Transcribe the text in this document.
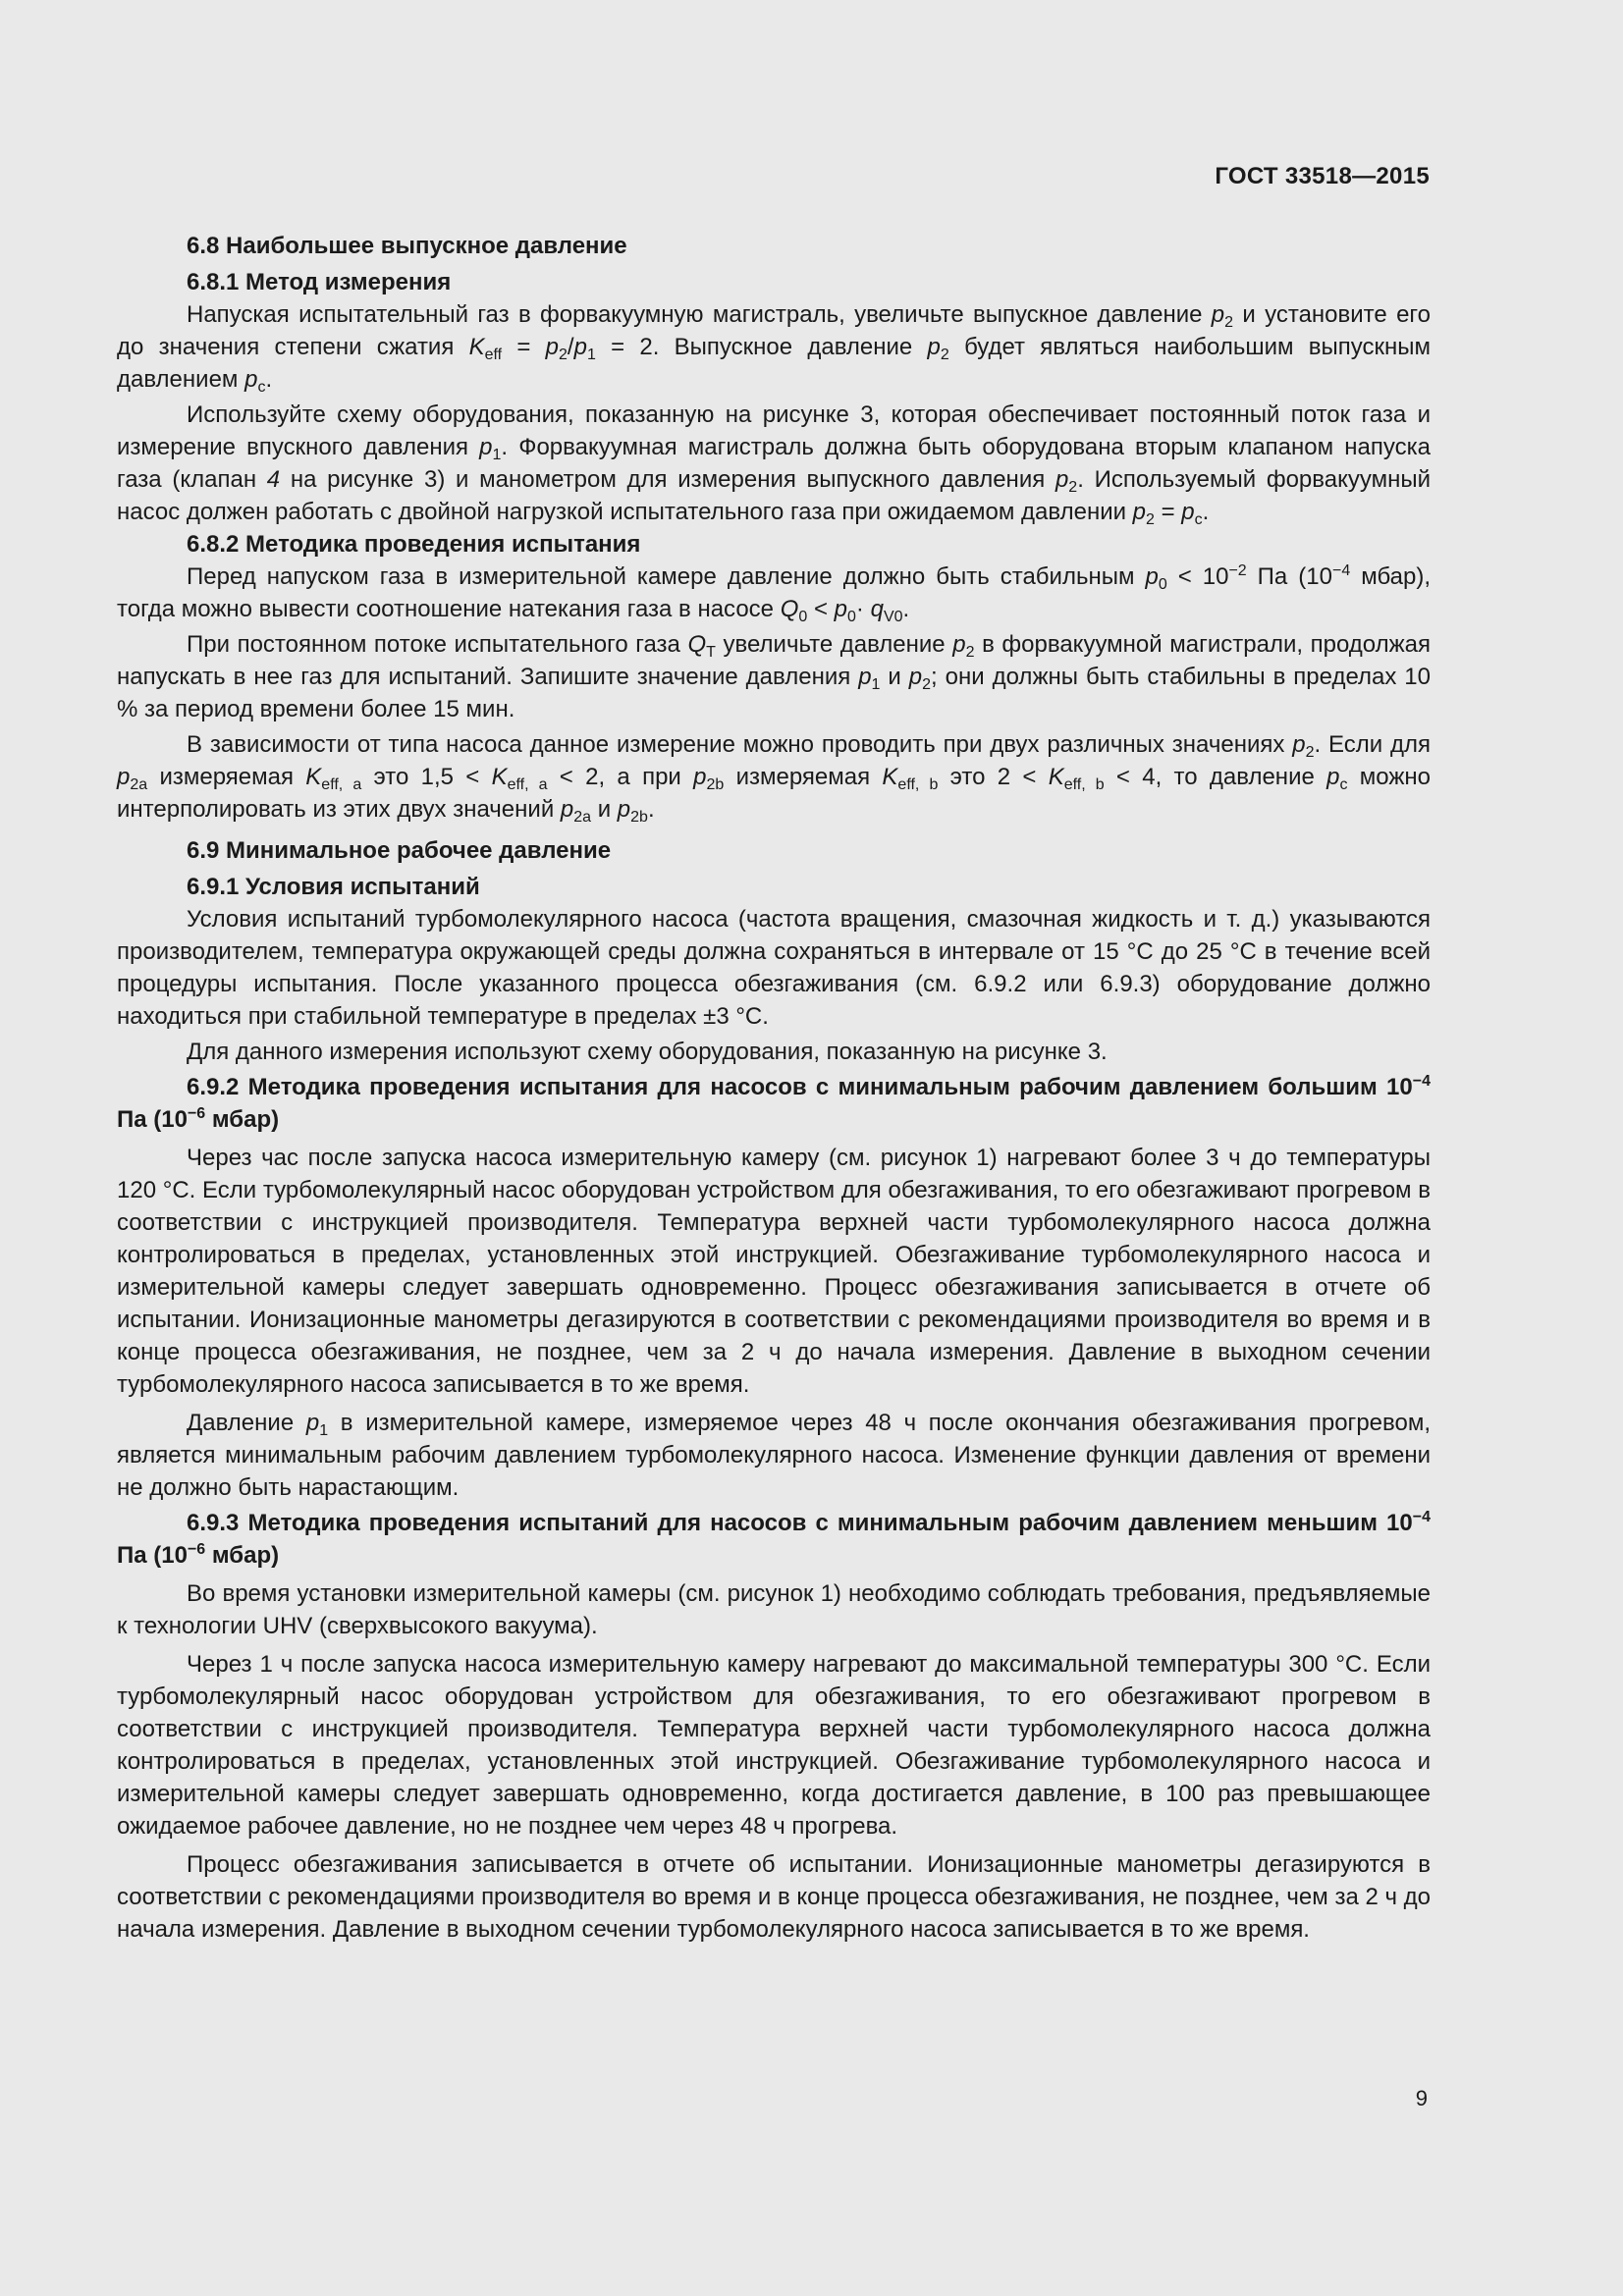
ГОСТ 33518—2015

6.8 Наибольшее выпускное давление

6.8.1 Метод измерения

Напуская испытательный газ в форвакуумную магистраль, увеличьте выпускное давление $p_2$ и установите его до значения степени сжатия $K_{eff} = p_2/p_1 = 2$. Выпускное давление $p_2$ будет являться наибольшим выпускным давлением $p_c$.

Используйте схему оборудования, показанную на рисунке 3, которая обеспечивает постоянный поток газа и измерение впускного давления $p_1$. Форвакуумная магистраль должна быть оборудована вторым клапаном напуска газа (клапан 4 на рисунке 3) и манометром для измерения выпускного давления $p_2$. Используемый форвакуумный насос должен работать с двойной нагрузкой испытательного газа при ожидаемом давлении $p_2 = p_c$.

6.8.2 Методика проведения испытания

Перед напуском газа в измерительной камере давление должно быть стабильным $p_0 < 10^{-2}$ Па ($10^{-4}$ мбар), тогда можно вывести соотношение натекания газа в насосе $Q_0 < p_0\cdot q_{V0}$.

При постоянном потоке испытательного газа $Q_T$ увеличьте давление $p_2$ в форвакуумной магистрали, продолжая напускать в нее газ для испытаний. Запишите значение давления $p_1$ и $p_2$; они должны быть стабильны в пределах 10 % за период времени более 15 мин.

В зависимости от типа насоса данное измерение можно проводить при двух различных значениях $p_2$. Если для $p_{2a}$ измеряемая $K_{eff, a}$ это $1,5 < K_{eff, a} < 2$, а при $p_{2b}$ измеряемая $K_{eff, b}$ это $2 < K_{eff, b} < 4$, то давление $p_c$ можно интерполировать из этих двух значений $p_{2a}$ и $p_{2b}$.

6.9 Минимальное рабочее давление

6.9.1 Условия испытаний

Условия испытаний турбомолекулярного насоса (частота вращения, смазочная жидкость и т. д.) указываются производителем, температура окружающей среды должна сохраняться в интервале от 15 °С до 25 °С в течение всей процедуры испытания. После указанного процесса обезгаживания (см. 6.9.2 или 6.9.3) оборудование должно находиться при стабильной температуре в пределах ±3 °С.

Для данного измерения используют схему оборудования, показанную на рисунке 3.

6.9.2 Методика проведения испытания для насосов с минимальным рабочим давлением большим $10^{-4}$ Па ($10^{-6}$ мбар)

Через час после запуска насоса измерительную камеру (см. рисунок 1) нагревают более 3 ч до температуры 120 °С. Если турбомолекулярный насос оборудован устройством для обезгаживания, то его обезгаживают прогревом в соответствии с инструкцией производителя. Температура верхней части турбомолекулярного насоса должна контролироваться в пределах, установленных этой инструкцией. Обезгаживание турбомолекулярного насоса и измерительной камеры следует завершать одновременно. Процесс обезгаживания записывается в отчете об испытании. Ионизационные манометры дегазируются в соответствии с рекомендациями производителя во время и в конце процесса обезгаживания, не позднее, чем за 2 ч до начала измерения. Давление в выходном сечении турбомолекулярного насоса записывается в то же время.

Давление $p_1$ в измерительной камере, измеряемое через 48 ч после окончания обезгаживания прогревом, является минимальным рабочим давлением турбомолекулярного насоса. Изменение функции давления от времени не должно быть нарастающим.

6.9.3 Методика проведения испытаний для насосов с минимальным рабочим давлением меньшим $10^{-4}$ Па ($10^{-6}$ мбар)

Во время установки измерительной камеры (см. рисунок 1) необходимо соблюдать требования, предъявляемые к технологии UHV (сверхвысокого вакуума).

Через 1 ч после запуска насоса измерительную камеру нагревают до максимальной температуры 300 °С. Если турбомолекулярный насос оборудован устройством для обезгаживания, то его обезгаживают прогревом в соответствии с инструкцией производителя. Температура верхней части турбомолекулярного насоса должна контролироваться в пределах, установленных этой инструкцией. Обезгаживание турбомолекулярного насоса и измерительной камеры следует завершать одновременно, когда достигается давление, в 100 раз превышающее ожидаемое рабочее давление, но не позднее чем через 48 ч прогрева.

Процесс обезгаживания записывается в отчете об испытании. Ионизационные манометры дегазируются в соответствии с рекомендациями производителя во время и в конце процесса обезгаживания, не позднее, чем за 2 ч до начала измерения. Давление в выходном сечении турбомолекулярного насоса записывается в то же время.

9
